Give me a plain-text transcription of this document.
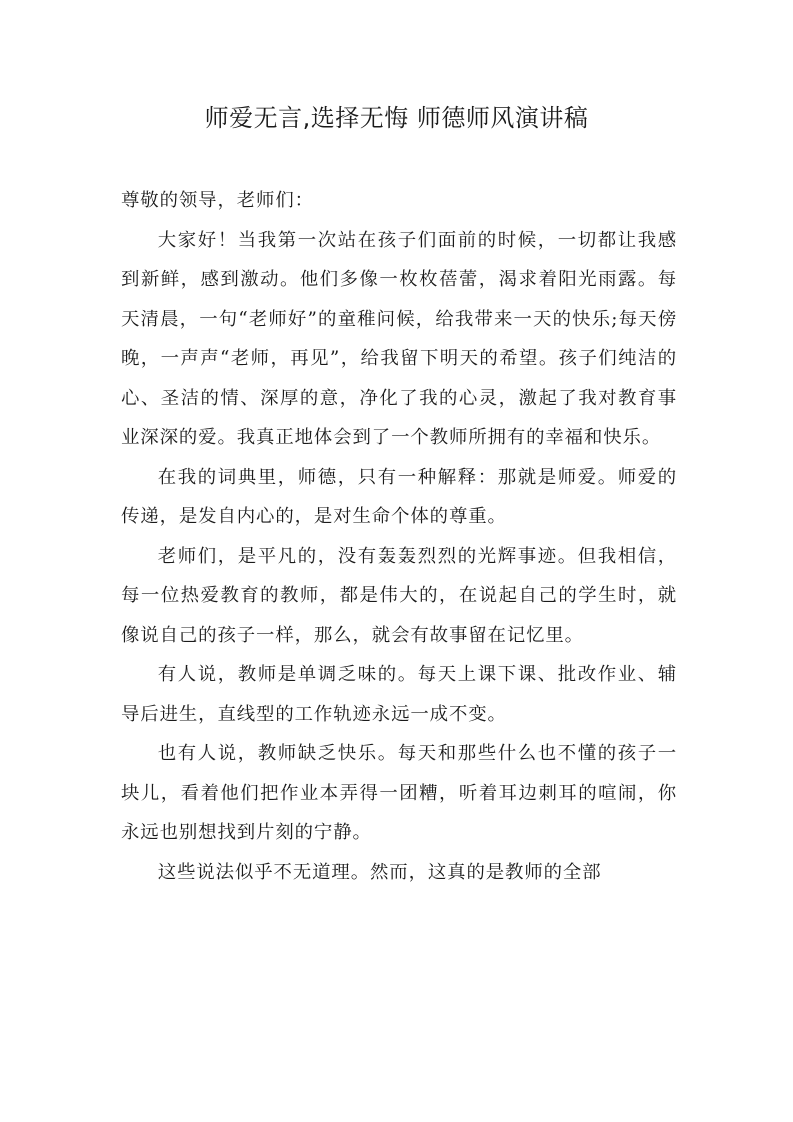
师爱无言,选择无悔 师德师风演讲稿

尊敬的领导，老师们：

大家好！当我第一次站在孩子们面前的时候，一切都让我感到新鲜，感到激动。他们多像一枚枚蓓蕾，渴求着阳光雨露。每天清晨，一句“老师好”的童稚问候，给我带来一天的快乐;每天傍晚，一声声“老师，再见”，给我留下明天的希望。孩子们纯洁的心、圣洁的情、深厚的意，净化了我的心灵，激起了我对教育事业深深的爱。我真正地体会到了一个教师所拥有的幸福和快乐。

在我的词典里，师德，只有一种解释：那就是师爱。师爱的传递，是发自内心的，是对生命个体的尊重。

老师们，是平凡的，没有轰轰烈烈的光辉事迹。但我相信，每一位热爱教育的教师，都是伟大的，在说起自己的学生时，就像说自己的孩子一样，那么，就会有故事留在记忆里。

有人说，教师是单调乏味的。每天上课下课、批改作业、辅导后进生，直线型的工作轨迹永远一成不变。

也有人说，教师缺乏快乐。每天和那些什么也不懂的孩子一块儿，看着他们把作业本弄得一团糟，听着耳边刺耳的喧闹，你永远也别想找到片刻的宁静。

这些说法似乎不无道理。然而，这真的是教师的全部
